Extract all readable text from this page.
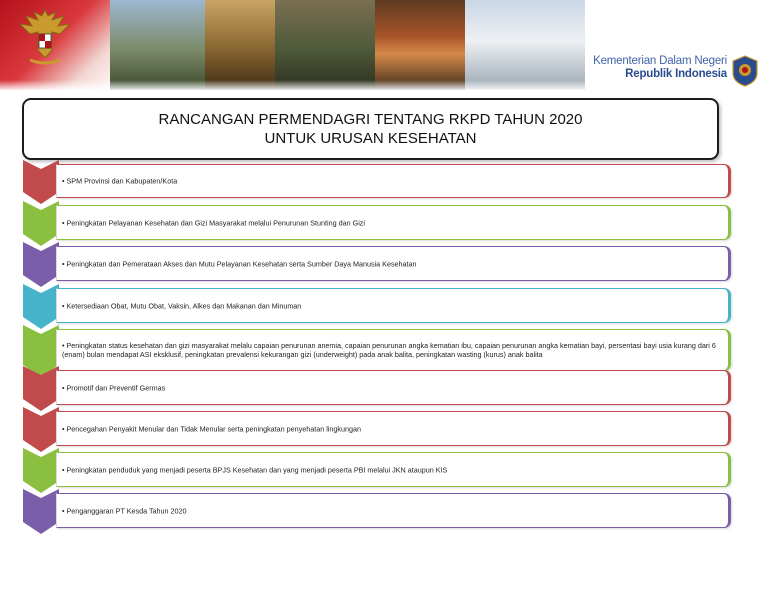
Kementerian Dalam Negeri
Republik Indonesia
RANCANGAN PERMENDAGRI TENTANG RKPD TAHUN 2020
UNTUK URUSAN KESEHATAN
• SPM Provinsi dan Kabupaten/Kota
• Peningkatan Pelayanan Kesehatan dan Gizi Masyarakat melalui Penurunan Stunting dan Gizi
• Peningkatan dan Pemerataan Akses dan Mutu Pelayanan Kesehatan serta Sumber Daya Manusia Kesehatan
• Ketersediaan Obat, Mutu Obat, Vaksin, Alkes dan Makanan dan Minuman
• Peningkatan status kesehatan dan gizi masyarakat melalu capaian penurunan anemia, capaian penurunan angka kematian ibu, capaian penurunan angka kematian bayi, persentasi bayi usia kurang dari 6 (enam) bulan mendapat ASI eksklusif, peningkatan prevalensi kekurangan gizi (underweight) pada anak balita, peningkatan wasting (kurus) anak balita
• Promotif dan Preventif Germas
• Pencegahan Penyakit Menular dan Tidak Menular serta peningkatan penyehatan lingkungan
• Peningkatan penduduk yang menjadi peserta BPJS Kesehatan dan yang menjadi peserta PBI melalui JKN ataupun KIS
• Penganggaran PT Kesda Tahun 2020
